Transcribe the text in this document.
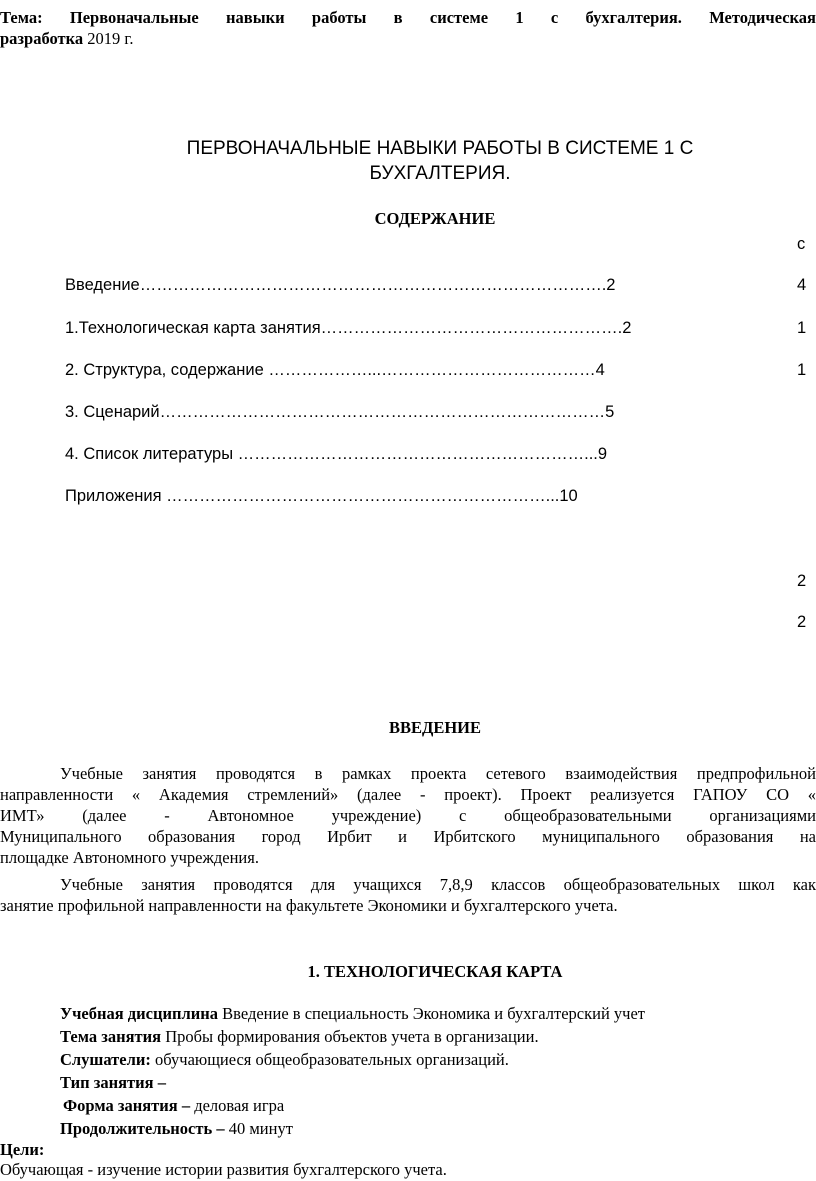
Тема: Первоначальные навыки работы в системе 1 с бухгалтерия. Методическая
разработка 2019 г.
ПЕРВОНАЧАЛЬНЫЕ НАВЫКИ РАБОТЫ В СИСТЕМЕ 1 С
БУХГАЛТЕРИЯ.
СОДЕРЖАНИЕ
с
4
1
1
2
2
Введение………………………………………………………………………….2
1.Технологическая карта занятия……………………………………………….2
2. Структура, содержание ………………...…………………………………4
3. Сценарий………………………………………………………………………5
4. Список литературы ………………………………………………………...9
Приложения ……………………………………………………………...10
ВВЕДЕНИЕ
Учебные занятия проводятся в рамках проекта сетевого взаимодействия предпрофильной
направленности « Академия стремлений» (далее - проект). Проект реализуется ГАПОУ СО «
ИМТ» (далее - Автономное учреждение) с общеобразовательными организациями
Муниципального образования город Ирбит и Ирбитского муниципального образования на
площадке Автономного учреждения.
Учебные занятия проводятся для учащихся 7,8,9 классов общеобразовательных школ как
занятие профильной направленности на факультете Экономики и бухгалтерского учета.
1. ТЕХНОЛОГИЧЕСКАЯ КАРТА
Учебная дисциплина Введение в специальность Экономика и бухгалтерский учет
Тема занятия Пробы формирования объектов учета в организации.
Слушатели: обучающиеся общеобразовательных организаций.
Тип занятия –
Форма занятия – деловая игра
Продолжительность – 40 минут
Цели:
Обучающая - изучение истории развития бухгалтерского учета.
